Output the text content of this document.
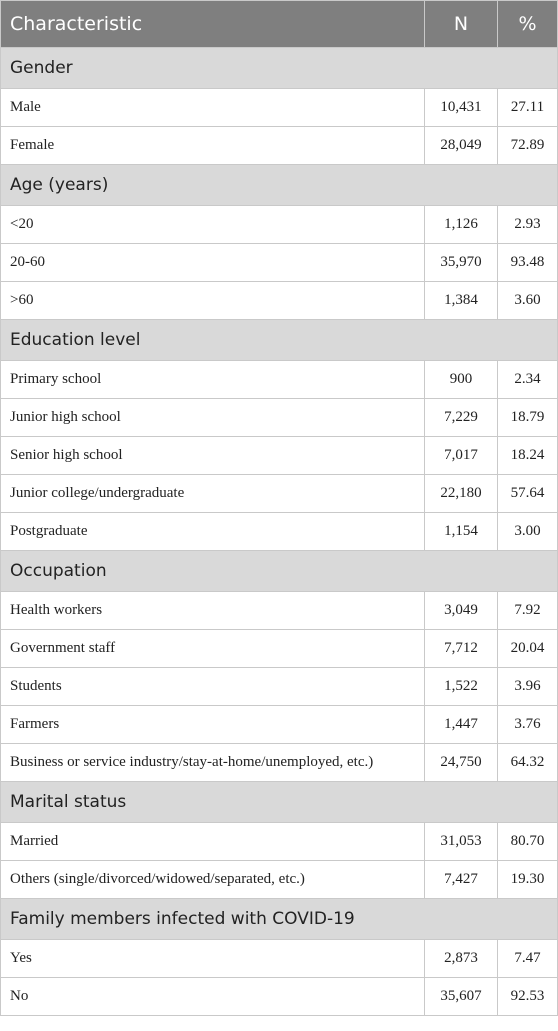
Characteristic	N	%
Gender		
Male	10,431	27.11
Female	28,049	72.89
Age (years)		
<20	1,126	2.93
20-60	35,970	93.48
>60	1,384	3.60
Education level		
Primary school	900	2.34
Junior high school	7,229	18.79
Senior high school	7,017	18.24
Junior college/undergraduate	22,180	57.64
Postgraduate	1,154	3.00
Occupation		
Health workers	3,049	7.92
Government staff	7,712	20.04
Students	1,522	3.96
Farmers	1,447	3.76
Business or service industry/stay-at-home/unemployed, etc.)	24,750	64.32
Marital status		
Married	31,053	80.70
Others (single/divorced/widowed/separated, etc.)	7,427	19.30
Family members infected with COVID-19		
Yes	2,873	7.47
No	35,607	92.53
